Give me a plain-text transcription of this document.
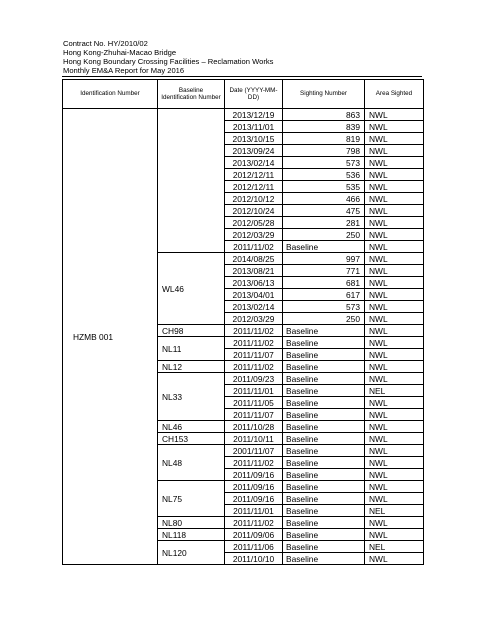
Contract No. HY/2010/02
Hong Kong-Zhuhai-Macao Bridge
Hong Kong Boundary Crossing Facilities – Reclamation Works
Monthly EM&A Report for May 2016
Identification Number	Baseline Identification Number	Date (YYYY-MM-DD)	Sighting Number	Area Sighted
HZMB 001		2013/12/19	863	NWL
		2013/11/01	839	NWL
		2013/10/15	819	NWL
		2013/09/24	798	NWL
		2013/02/14	573	NWL
		2012/12/11	536	NWL
		2012/12/11	535	NWL
		2012/10/12	466	NWL
		2012/10/24	475	NWL
		2012/05/28	281	NWL
		2012/03/29	250	NWL
		2011/11/02	Baseline	NWL
	WL46	2014/08/25	997	NWL
		2013/08/21	771	NWL
		2013/06/13	681	NWL
		2013/04/01	617	NWL
		2013/02/14	573	NWL
		2012/03/29	250	NWL
	CH98	2011/11/02	Baseline	NWL
	NL11	2011/11/02	Baseline	NWL
		2011/11/07	Baseline	NWL
	NL12	2011/11/02	Baseline	NWL
	NL33	2011/09/23	Baseline	NWL
		2011/11/01	Baseline	NEL
		2011/11/05	Baseline	NWL
		2011/11/07	Baseline	NWL
	NL46	2011/10/28	Baseline	NWL
	CH153	2011/10/11	Baseline	NWL
	NL48	2001/11/07	Baseline	NWL
		2011/11/02	Baseline	NWL
		2011/09/16	Baseline	NWL
	NL75	2011/09/16	Baseline	NWL
		2011/09/16	Baseline	NWL
		2011/11/01	Baseline	NEL
	NL80	2011/11/02	Baseline	NWL
	NL118	2011/09/06	Baseline	NWL
	NL120	2011/11/06	Baseline	NEL
		2011/10/10	Baseline	NWL
